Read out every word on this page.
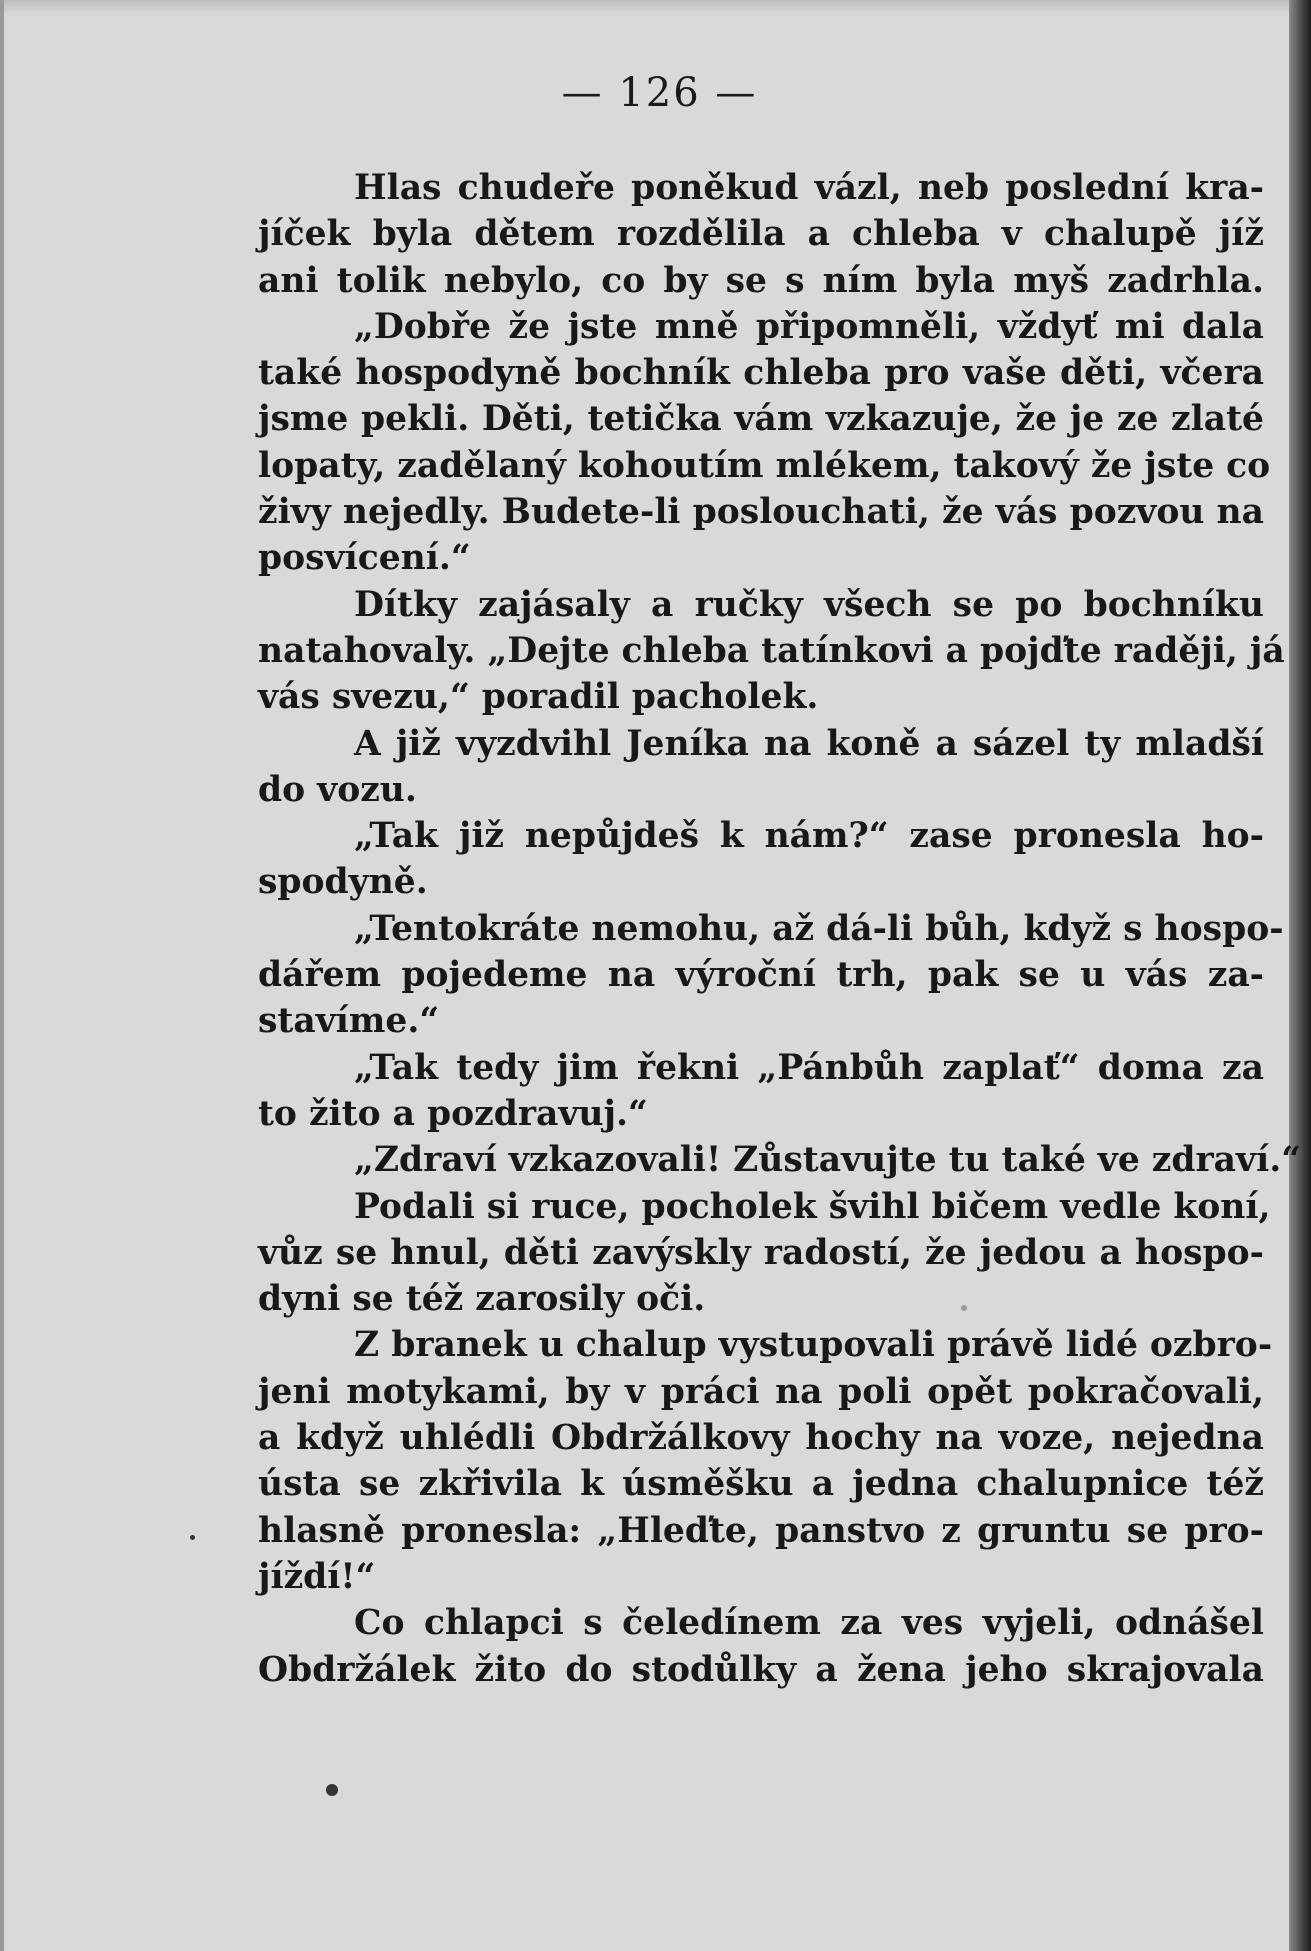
— 126 —
Hlas chudeře poněkud vázl, neb poslední kra-
jíček byla dětem rozdělila a chleba v chalupě jíž
ani tolik nebylo, co by se s ním byla myš zadrhla.
„Dobře že jste mně připomněli, vždyť mi dala
také hospodyně bochník chleba pro vaše děti, včera
jsme pekli. Děti, tetička vám vzkazuje, že je ze zlaté
lopaty, zadělaný kohoutím mlékem, takový že jste co
živy nejedly. Budete-li poslouchati, že vás pozvou na
posvícení.“
Dítky zajásaly a ručky všech se po bochníku
natahovaly. „Dejte chleba tatínkovi a pojďte raději, já
vás svezu,“ poradil pacholek.
A již vyzdvihl Jeníka na koně a sázel ty mladší
do vozu.
„Tak již nepůjdeš k nám?“ zase pronesla ho-
spodyně.
„Tentokráte nemohu, až dá-li bůh, když s hospo-
dářem pojedeme na výroční trh, pak se u vás za-
stavíme.“
„Tak tedy jim řekni „Pánbůh zaplať“ doma za
to žito a pozdravuj.“
„Zdraví vzkazovali! Zůstavujte tu také ve zdraví.“
Podali si ruce, pocholek švihl bičem vedle koní,
vůz se hnul, děti zavýskly radostí, že jedou a hospo-
dyni se též zarosily oči.
Z branek u chalup vystupovali právě lidé ozbro-
jeni motykami, by v práci na poli opět pokračovali,
a když uhlédli Obdržálkovy hochy na voze, nejedna
ústa se zkřivila k úsměšku a jedna chalupnice též
hlasně pronesla: „Hleďte, panstvo z gruntu se pro-
jíždí!“
Co chlapci s čeledínem za ves vyjeli, odnášel
Obdržálek žito do stodůlky a žena jeho skrajovala
